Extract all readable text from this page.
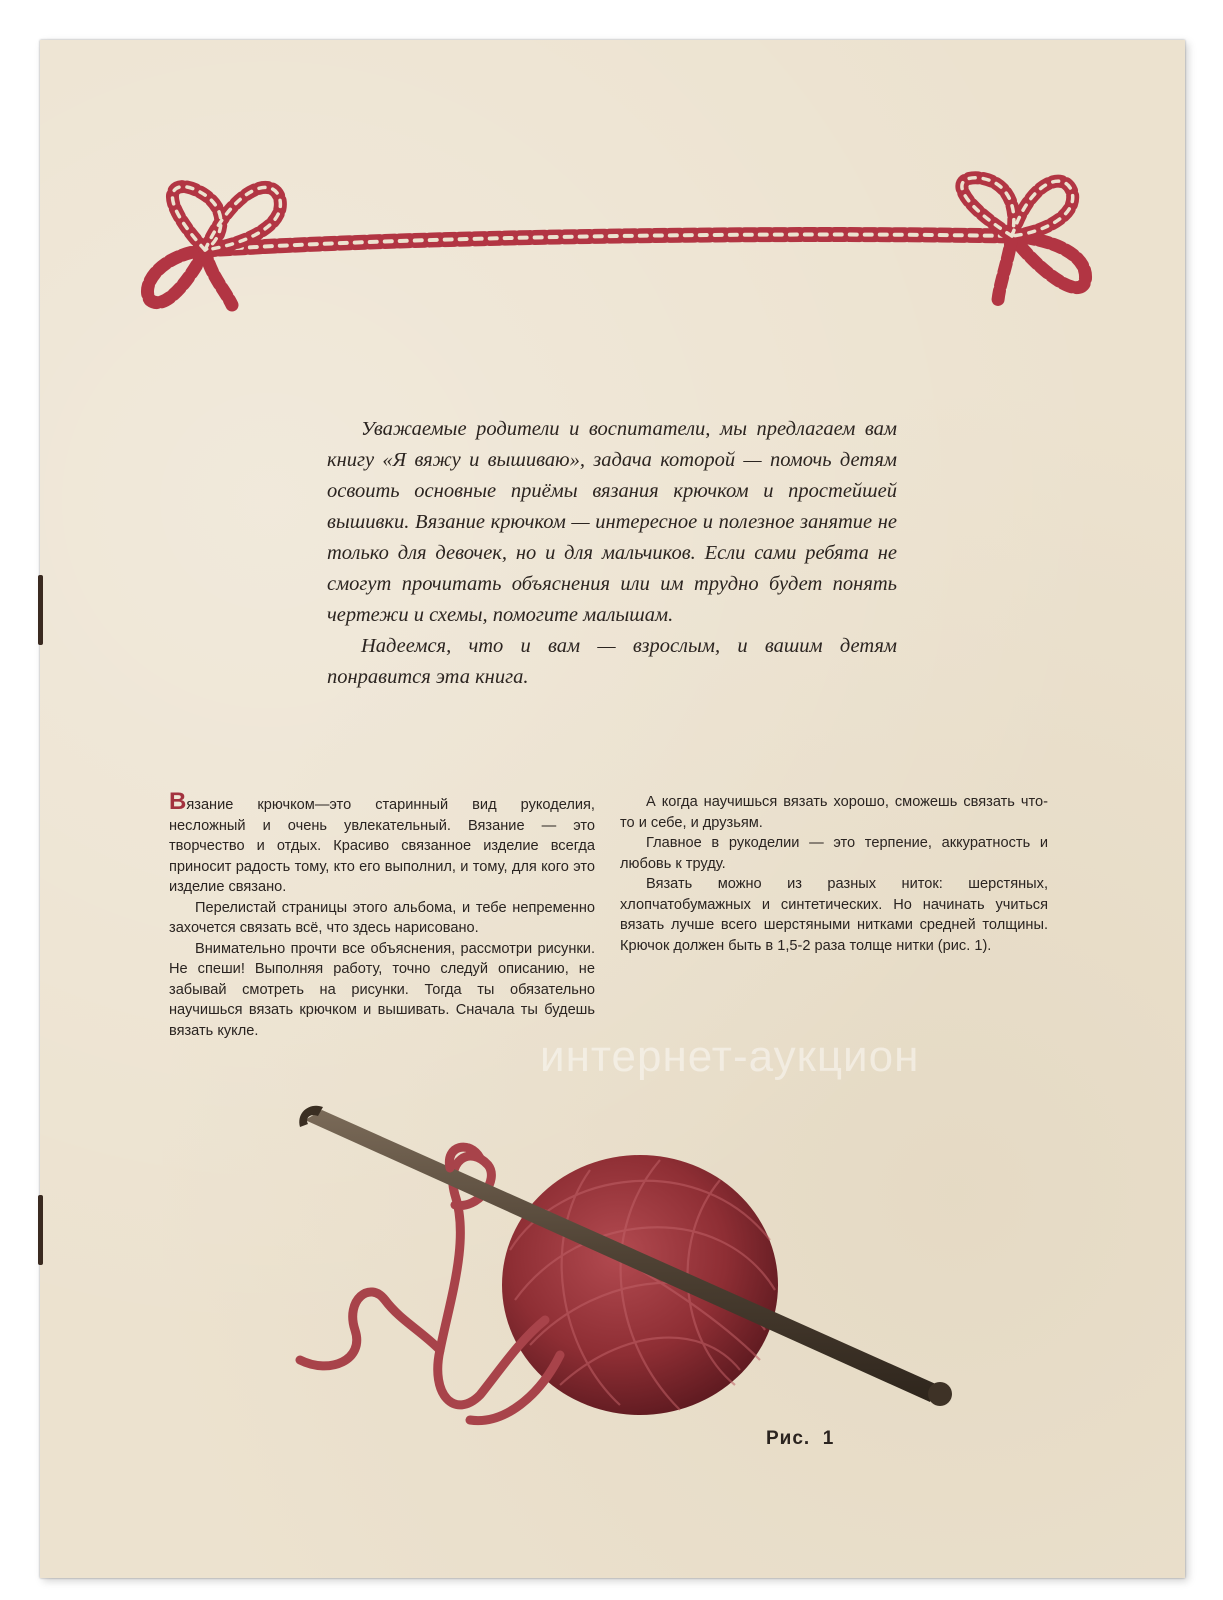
Уважаемые родители и воспитатели, мы предлагаем вам книгу «Я вяжу и вышиваю», задача которой — помочь детям освоить основные приёмы вязания крючком и простейшей вышивки. Вязание крючком — интересное и полезное занятие не только для девочек, но и для мальчиков. Если сами ребята не смогут прочитать объяснения или им трудно будет понять чертежи и схемы, помогите малышам.

Надеемся, что и вам — взрослым, и вашим детям понравится эта книга.

Вязание крючком—это старинный вид рукоделия, несложный и очень увлекательный. Вязание — это творчество и отдых. Красиво связанное изделие всегда приносит радость тому, кто его выполнил, и тому, для кого это изделие связано.

Перелистай страницы этого альбома, и тебе непременно захочется связать всё, что здесь нарисовано.

Внимательно прочти все объяснения, рассмотри рисунки. Не спеши! Выполняя работу, точно следуй описанию, не забывай смотреть на рисунки. Тогда ты обязательно научишься вязать крючком и вышивать. Сначала ты будешь вязать кукле.

А когда научишься вязать хорошо, сможешь связать что-то и себе, и друзьям.

Главное в рукоделии — это терпение, аккуратность и любовь к труду.

Вязать можно из разных ниток: шерстяных, хлопчатобумажных и синтетических. Но начинать учиться вязать лучше всего шерстяными нитками средней толщины. Крючок должен быть в 1,5-2 раза толще нитки (рис. 1).

интернет-аукцион
Рис.  1
